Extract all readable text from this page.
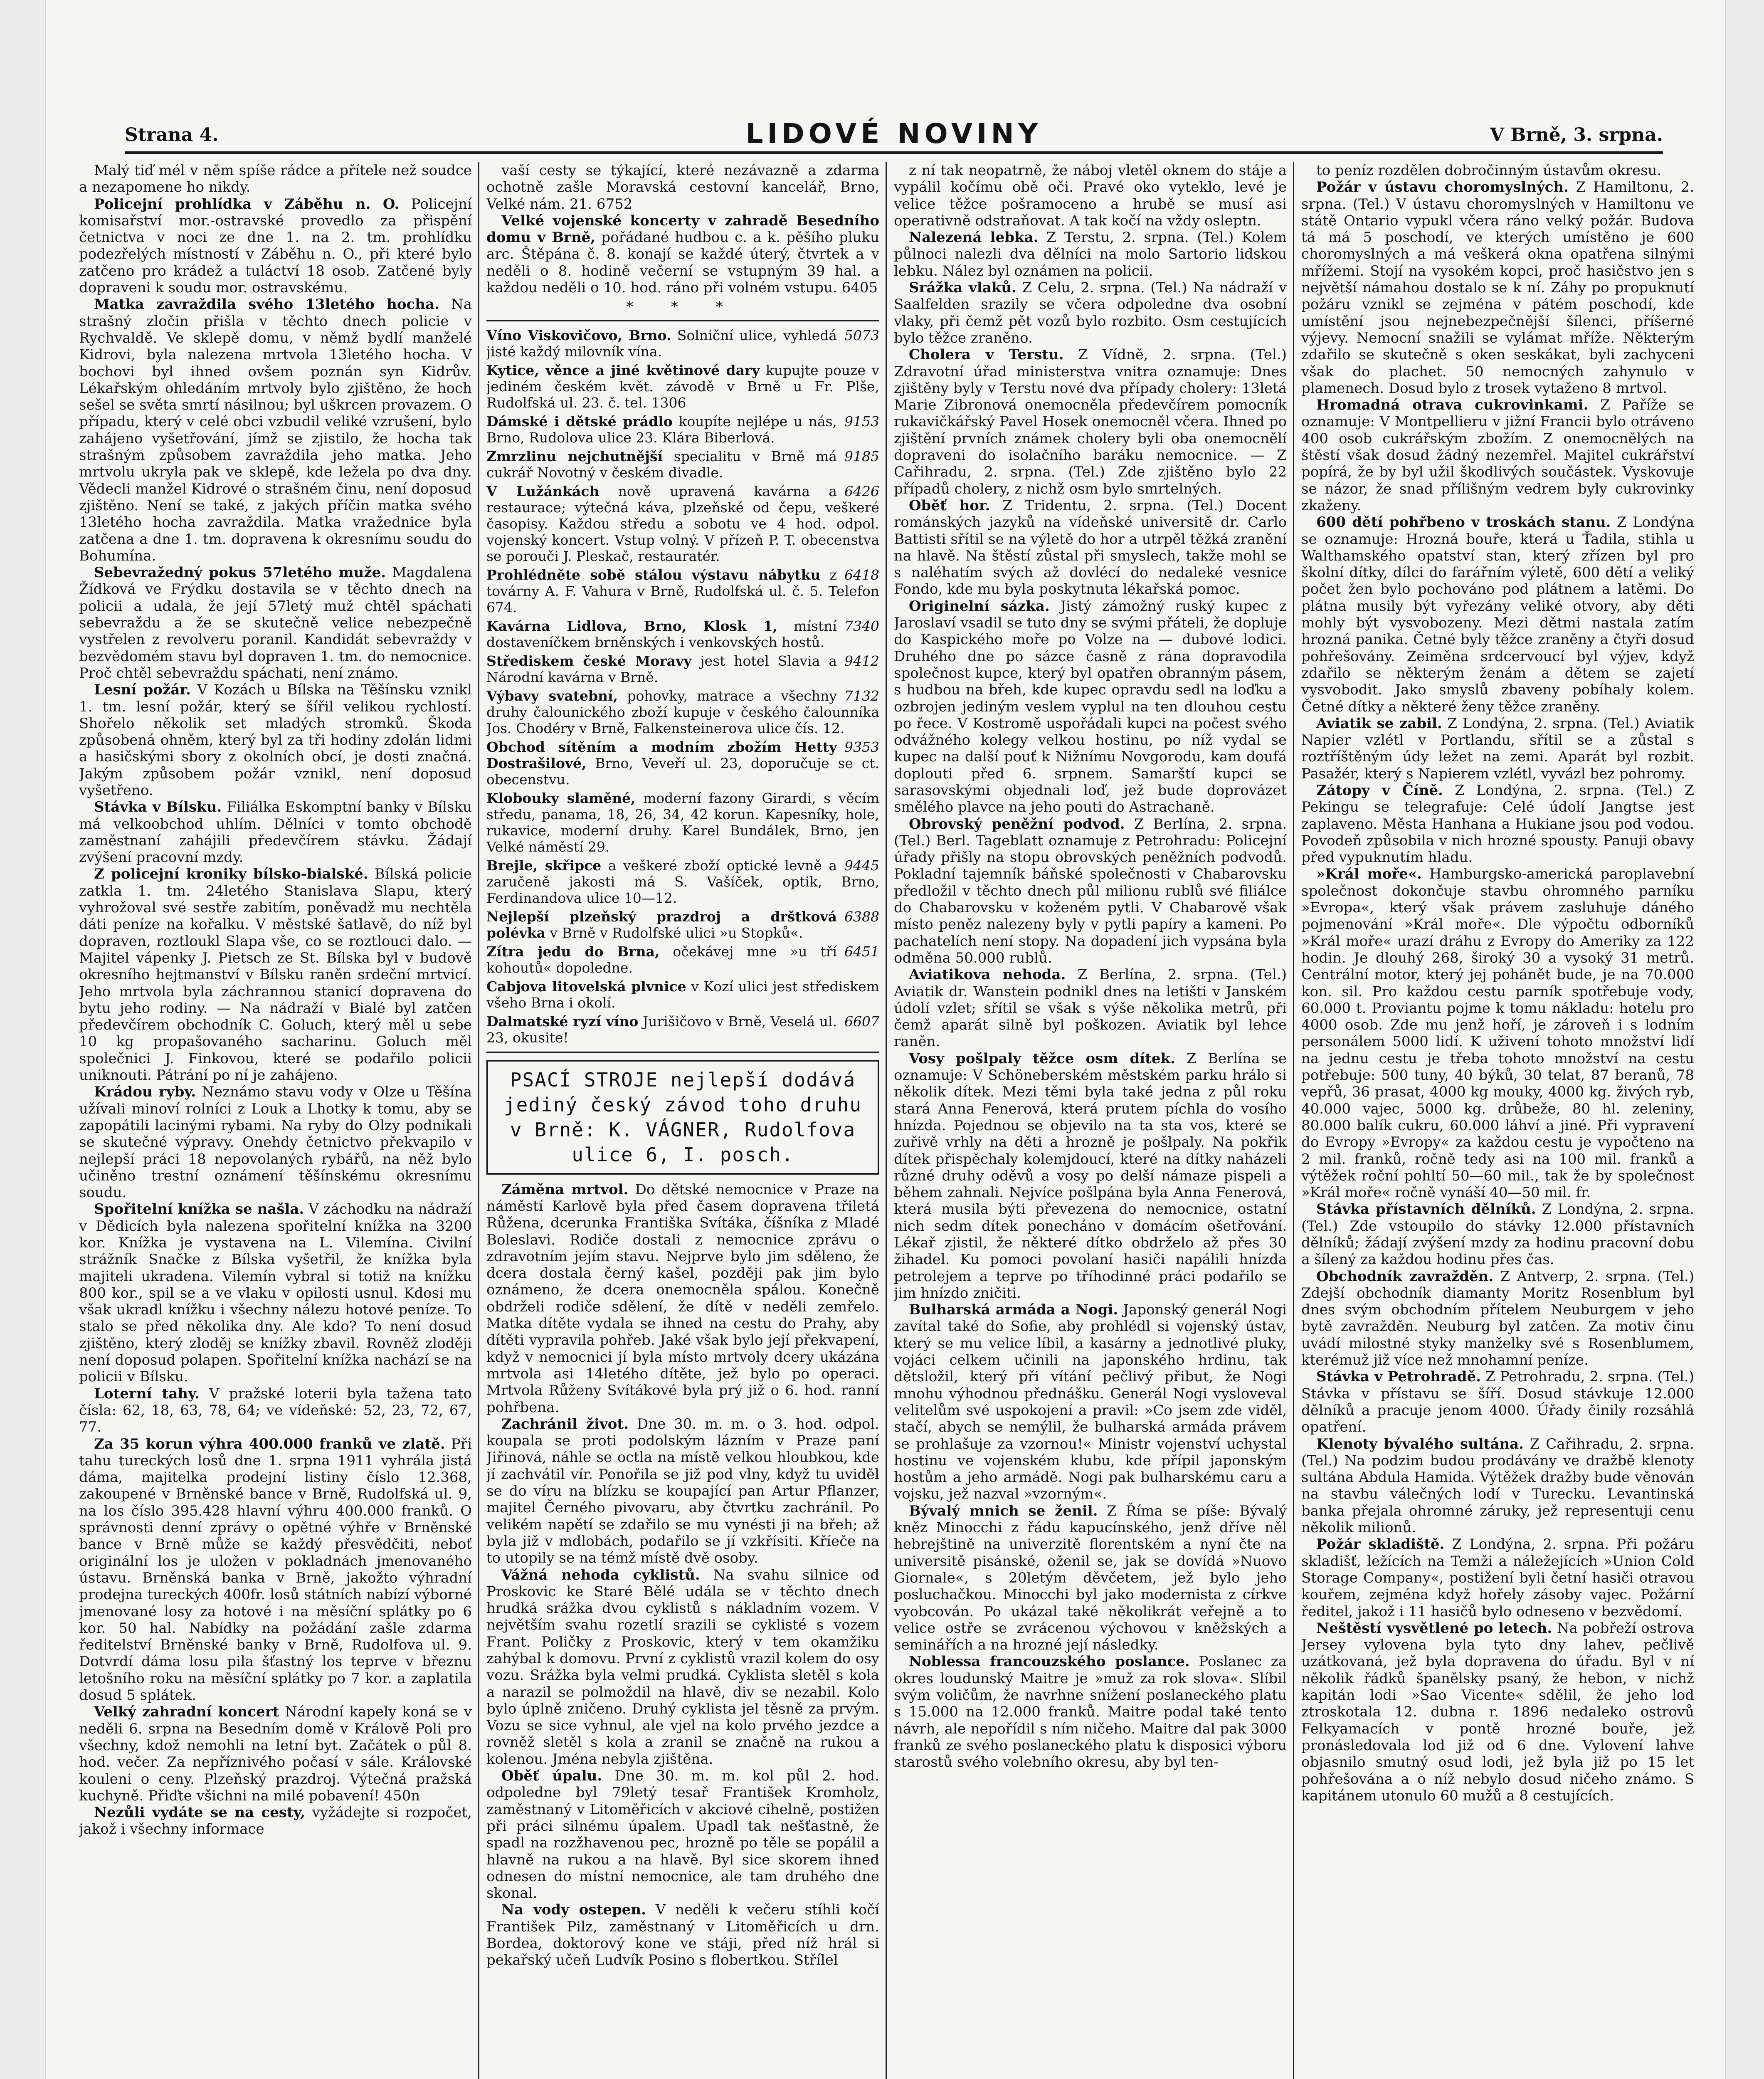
Strana 4.	LIDOVÉ NOVINY	V Brně, 3. srpna.

Malý tiď mél v něm spíše rádce a přítele než soudce a nezapomene ho nikdy.

Policejní prohlídka v Záběhu n. O. Policejní komisařství mor.-ostravské provedlo za přispění četnictva v noci ze dne 1. na 2. tm. prohlídku podezřelých místností v Záběhu n. O., při které bylo zatčeno pro krádež a tuláctví 18 osob. Zatčené byly dopraveni k soudu mor. ostravskému.

Matka zavraždila svého 13letého hocha. Na strašný zločin přišla v těchto dnech policie v Rychvaldě. Ve sklepě domu, v němž bydlí manželé Kidrovi, byla nalezena mrtvola 13letého hocha. V bochovi byl ihned ovšem poznán syn Kidrův. Lékařským ohledáním mrtvoly bylo zjištěno, že hoch sešel se světa smrtí násilnou; byl uškrcen provazem. O případu, který v celé obci vzbudil veliké vzrušení, bylo zahájeno vyšetřování, jímž se zjistilo, že hocha tak strašným způsobem zavraždila jeho matka. Jeho mrtvolu ukryla pak ve sklepě, kde ležela po dva dny. Vědecli manžel Kidrové o strašném činu, není doposud zjištěno. Není se také, z jakých příčin matka svého 13letého hocha zavraždila. Matka vražednice byla zatčena a dne 1. tm. dopravena k okresnímu soudu do Bohumína.

Sebevražedný pokus 57letého muže. Magdalena Žídková ve Frýdku dostavila se v těchto dnech na policii a udala, že její 57letý muž chtěl spáchati sebevraždu a že se skutečně velice nebezpečně vystřelen z revolveru poranil. Kandidát sebevraždy v bezvědomém stavu byl dopraven 1. tm. do nemocnice. Proč chtěl sebevraždu spáchati, není známo.

Lesní požár. V Kozách u Bílska na Těšínsku vznikl 1. tm. lesní požár, který se šířil velikou rychlostí. Shořelo několik set mladých stromků. Škoda způsobená ohněm, který byl za tři hodiny zdolán lidmi a hasičskými sbory z okolních obcí, je dosti značná. Jakým způsobem požár vznikl, není doposud vyšetřeno.

Stávka v Bílsku. Filiálka Eskomptní banky v Bílsku má velkoobchod uhlím. Dělníci v tomto obchodě zaměstnaní zahájili předevčírem stávku. Žádají zvýšení pracovní mzdy.

Z policejní kroniky bílsko-bialské. Bílská policie zatkla 1. tm. 24letého Stanislava Slapu, který vyhrožoval své sestře zabitím, poněvadž mu nechtěla dáti peníze na kořalku. V městské šatlavě, do níž byl dopraven, roztloukl Slapa vše, co se roztlouci dalo. — Majitel vápenky J. Pietsch ze St. Bílska byl v budově okresního hejtmanství v Bílsku raněn srdeční mrtvicí. Jeho mrtvola byla záchrannou stanicí dopravena do bytu jeho rodiny. — Na nádraží v Bialé byl zatčen předevčírem obchodník C. Goluch, který měl u sebe 10 kg propašovaného sacharinu. Goluch měl společnici J. Finkovou, které se podařilo policii uniknouti. Pátrání po ní je zahájeno.

Krádou ryby. Neznámo stavu vody v Olze u Těšína užívali minoví rolníci z Louk a Lhotky k tomu, aby se zapopátili lacinými rybami. Na ryby do Olzy podnikali se skutečné výpravy. Onehdy četnictvo překvapilo v nejlepší práci 18 nepovolaných rybářů, na něž bylo učiněno trestní oznámení těšínskému okresnímu soudu.

Spořitelní knížka se našla. V záchodku na nádraží v Dědicích byla nalezena spořitelní knížka na 3200 kor. Knížka je vystavena na L. Vilemína. Civilní strážník Snačke z Bílska vyšetřil, že knížka byla majiteli ukradena. Vilemín vybral si totiž na knížku 800 kor., spil se a ve vlaku v opilosti usnul. Kdosi mu však ukradl knížku i všechny nálezu hotové peníze. To stalo se před několika dny. Ale kdo? To není dosud zjištěno, který zloděj se knížky zbavil. Rovněž zloději není doposud polapen. Spořitelní knížka nachází se na policii v Bílsku.

Loterní tahy. V pražské loterii byla tažena tato čísla: 62, 18, 63, 78, 64; ve vídeňské: 52, 23, 72, 67, 77.

Za 35 korun výhra 400.000 franků ve zlatě. Při tahu tureckých losů dne 1. srpna 1911 vyhrála jistá dáma, majitelka prodejní listiny číslo 12.368, zakoupené v Brněnské bance v Brně, Rudolfská ul. 9, na los číslo 395.428 hlavní výhru 400.000 franků. O správnosti denní zprávy o opětné výhře v Brněnské bance v Brně může se každý přesvědčiti, neboť originální los je uložen v pokladnách jmenovaného ústavu. Brněnská banka v Brně, jakožto výhradní prodejna tureckých 400fr. losů státních nabízí výborné jmenované losy za hotové i na měsíční splátky po 6 kor. 50 hal. Nabídky na požádání zašle zdarma ředitelství Brněnské banky v Brně, Rudolfova ul. 9. Dotvrdí dáma losu pila šťastný los teprve v březnu letošního roku na měsíční splátky po 7 kor. a zaplatila dosud 5 splátek.

Velký zahradní koncert Národní kapely koná se v neděli 6. srpna na Besedním domě v Králově Poli pro všechny, kdož nemohli na letní byt. Začátek o půl 8. hod. večer. Za nepříznivého počasí v sále. Královské kouleni o ceny. Plzeňský prazdroj. Výtečná pražská kuchyně. Přiďte všichni na milé pobavení! 450n

Nezůli vydáte se na cesty, vyžádejte si rozpočet, jakož i všechny informace

vaší cesty se týkající, které nezávazně a zdarma ochotně zašle Moravská cestovní kancelář, Brno, Velké nám. 21. 6752

Velké vojenské koncerty v zahradě Besedního domu v Brně, pořádané hudbou c. a k. pěšího pluku arc. Štěpána č. 8. konají se každé úterý, čtvrtek a v neděli o 8. hodině večerní se vstupným 39 hal. a každou neděli o 10. hod. ráno při volném vstupu. 6405

* * *
5073
Víno Viskovičovo, Brno. Solniční ulice, vyhledá jisté každý milovník vína.
Kytice, věnce a jiné květinové dary kupujte pouze v jediném českém květ. závodě v Brně u Fr. Plše, Rudolfská ul. 23. č. tel. 1306
9153
Dámské i dětské prádlo koupíte nejlépe u nás, Brno, Rudolova ulice 23. Klára Biberlová.
9185
Zmrzlinu nejchutnější specialitu v Brně má cukrář Novotný v českém divadle.
6426
V Lužánkách nově upravená kavárna a restaurace; výtečná káva, plzeňské od čepu, veškeré časopisy. Každou středu a sobotu ve 4 hod. odpol. vojenský koncert. Vstup volný. V přízeň P. T. obecenstva se porouči J. Pleskač, restauratér.
6418
Prohlédněte sobě stálou výstavu nábytku z továrny A. F. Vahura v Brně, Rudolfská ul. č. 5. Telefon 674.
7340
Kavárna Lidlova, Brno, Klosk 1, místní dostaveníčkem brněnských i venkovských hostů.
9412
Střediskem české Moravy jest hotel Slavia a Národní kavárna v Brně.
7132
Výbavy svatební, pohovky, matrace a všechny druhy čalounického zboží kupuje v českého čalounníka Jos. Chodéry v Brně, Falkensteinerova ulice čís. 12.
9353
Obchod sítěním a modním zbožím Hetty Dostrašilové, Brno, Veveří ul. 23, doporučuje se ct. obecenstvu.
Klobouky slaměné, moderní fazony Girardi, s věcím středu, panama, 18, 26, 34, 42 korun. Kapesníky, hole, rukavice, moderní druhy. Karel Bundálek, Brno, jen Velké náměstí 29.
9445
Brejle, skřipce a veškeré zboží optické levně a zaručeně jakosti má S. Vašíček, optik, Brno, Ferdinandova ulice 10—12.
6388
Nejlepší plzeňský prazdroj a drštková polévka v Brně v Rudolfské ulici »u Stopků«.
6451
Zítra jedu do Brna, očekávej mne »u tří kohoutů« dopoledne.
Cabjova litovelská plvnice v Kozí ulici jest střediskem všeho Brna i okolí.
6607
Dalmatské ryzí víno Jurišičovo v Brně, Veselá ul. 23, okusite!
PSACÍ STROJE nejlepší dodává jediný český závod toho druhu v Brně: K. VÁGNER, Rudolfova ulice 6, I. posch.

Záměna mrtvol. Do dětské nemocnice v Praze na náměstí Karlově byla před časem dopravena třiletá Růžena, dcerunka Františka Svítáka, číšníka z Mladé Boleslavi. Rodiče dostali z nemocnice zprávu o zdravotním jejím stavu. Nejprve bylo jim sděleno, že dcera dostala černý kašel, později pak jim bylo oznámeno, že dcera onemocněla spálou. Konečně obdrželi rodiče sdělení, že dítě v neděli zemřelo. Matka dítěte vydala se ihned na cestu do Prahy, aby dítěti vypravila pohřeb. Jaké však bylo její překvapení, když v nemocnici jí byla místo mrtvoly dcery ukázána mrtvola asi 14letého dítěte, jež bylo po operaci. Mrtvola Růženy Svítákové byla prý již o 6. hod. ranní pohřbena.

Zachránil život. Dne 30. m. m. o 3. hod. odpol. koupala se proti podolským lázním v Praze paní Jiřinová, náhle se octla na místě velkou hloubkou, kde jí zachvátil vír. Ponořila se již pod vlny, když tu uviděl se do víru na blízku se koupající pan Artur Pflanzer, majitel Černého pivovaru, aby čtvrtku zachránil. Po velikém napětí se zdařilo se mu vynésti ji na břeh; až byla již v mdlobách, podařilo se jí vzkřísiti. Kříeče na to utopily se na témž místě dvě osoby.

Vážná nehoda cyklistů. Na svahu silnice od Proskovic ke Staré Bělé udála se v těchto dnech hrudká srážka dvou cyklistů s nákladním vozem. V největším svahu rozetlí srazili se cyklisté s vozem Frant. Poličky z Proskovic, který v tem okamžiku zahýbal k domovu. První z cyklistů vrazil kolem do osy vozu. Srážka byla velmi prudká. Cyklista sletěl s kola a narazil se polmoždil na hlavě, div se nezabil. Kolo bylo úplně zničeno. Druhý cyklista jel těsně za prvým. Vozu se sice vyhnul, ale vjel na kolo prvého jezdce a rovněž sletěl s kola a zranil se značně na rukou a kolenou. Jména nebyla zjištěna.

Oběť úpalu. Dne 30. m. m. kol půl 2. hod. odpoledne byl 79letý tesař František Kromholz, zaměstnaný v Litoměřicích v akciové cihelně, postižen při práci silnému úpalem. Upadl tak nešťastně, že spadl na rozžhavenou pec, hrozně po těle se popálil a hlavně na rukou a na hlavě. Byl sice skorem ihned odnesen do místní nemocnice, ale tam druhého dne skonal.

Na vody ostepen. V neděli k večeru stíhli kočí František Pilz, zaměstnaný v Litoměřicích u drn. Bordea, doktorový kone ve stáji, před níž hrál si pekařský učeň Ludvík Posino s flobertkou. Střílel

z ní tak neopatrně, že náboj vletěl oknem do stáje a vypálil kočímu obě oči. Pravé oko vyteklo, levé je velice těžce pošramoceno a hrubě se musí asi operativně odstraňovat. A tak kočí na vždy osleptn.

Nalezená lebka. Z Terstu, 2. srpna. (Tel.) Kolem půlnoci nalezli dva dělníci na molo Sartorio lidskou lebku. Nález byl oznámen na policii.

Srážka vlaků. Z Celu, 2. srpna. (Tel.) Na nádraží v Saalfelden srazily se včera odpoledne dva osobní vlaky, při čemž pět vozů bylo rozbito. Osm cestujících bylo těžce zraněno.

Cholera v Terstu. Z Vídně, 2. srpna. (Tel.) Zdravotní úřad ministerstva vnitra oznamuje: Dnes zjištěny byly v Terstu nové dva případy cholery: 13letá Marie Zibronová onemocněla předevčírem pomocník rukavičkářský Pavel Hosek onemocněl včera. Ihned po zjištění prvních známek cholery byli oba onemocnělí dopraveni do isolačního baráku nemocnice. — Z Cařihradu, 2. srpna. (Tel.) Zde zjištěno bylo 22 případů cholery, z nichž osm bylo smrtelných.

Oběť hor. Z Tridentu, 2. srpna. (Tel.) Docent románských jazyků na vídeňské universitě dr. Carlo Battisti sřítil se na výletě do hor a utrpěl těžká zranění na hlavě. Na štěstí zůstal při smyslech, takže mohl se s naléhatím svých až dovlécí do nedaleké vesnice Fondo, kde mu byla poskytnuta lékařská pomoc.

Originelní sázka. Jistý zámožný ruský kupec z Jaroslaví vsadil se tuto dny se svými přáteli, že dopluje do Kaspického moře po Volze na — dubové lodici. Druhého dne po sázce časně z rána dopravodila společnost kupce, který byl opatřen obranným pásem, s hudbou na břeh, kde kupec opravdu sedl na loďku a ozbrojen jediným veslem vyplul na ten dlouhou cestu po řece. V Kostromě uspořádali kupci na počest svého odvážného kolegy velkou hostinu, po níž vydal se kupec na další pouť k Nižnímu Novgorodu, kam doufá doplouti před 6. srpnem. Samarští kupci se sarasovskými objednali loď, jež bude doprovázet smělého plavce na jeho pouti do Astrachaně.

Obrovský peněžní podvod. Z Berlína, 2. srpna. (Tel.) Berl. Tageblatt oznamuje z Petrohradu: Policejní úřady přišly na stopu obrovských peněžních podvodů. Pokladní tajemník báňské společnosti v Chabarovsku předložil v těchto dnech půl milionu rublů své filiálce do Chabarovsku v koženém pytli. V Chabarově však místo peněz nalezeny byly v pytli papíry a kameni. Po pachatelích není stopy. Na dopadení jich vypsána byla odměna 50.000 rublů.

Aviatikova nehoda. Z Berlína, 2. srpna. (Tel.) Aviatik dr. Wanstein podnikl dnes na letišti v Janském údolí vzlet; sřítil se však s výše několika metrů, při čemž aparát silně byl poškozen. Aviatik byl lehce raněn.

Vosy pošlpaly těžce osm dítek. Z Berlína se oznamuje: V Schöneberském městském parku hrálo si několik dítek. Mezi těmi byla také jedna z půl roku stará Anna Fenerová, která prutem píchla do vosího hnízda. Pojednou se objevilo na ta sta vos, které se zuřivě vrhly na děti a hrozně je pošlpaly. Na pokřik dítek přispěchaly kolemjdoucí, které na dítky naházeli různé druhy oděvů a vosy po delší námaze pispeli a během zahnali. Nejvíce pošlpána byla Anna Fenerová, která musila býti převezena do nemocnice, ostatní nich sedm dítek ponecháno v domácím ošetřování. Lékař zjistil, že některé dítko obdrželo až přes 30 žihadel. Ku pomoci povolaní hasiči napálili hnízda petrolejem a teprve po tříhodinné práci podařilo se jim hnízdo zničiti.

Bulharská armáda a Nogi. Japonský generál Nogi zavítal také do Sofie, aby prohlédl si vojenský ústav, který se mu velice líbil, a kasárny a jednotlivé pluky, vojáci celkem učinili na japonského hrdinu, tak dětsložil, který při vítání pečlivý přibut, že Nogi mnohu výhodnou přednášku. Generál Nogi vysloveval velitelům své uspokojení a pravil: »Co jsem zde viděl, stačí, abych se nemýlil, že bulharská armáda právem se prohlašuje za vzornou!« Ministr vojenství uchystal hostinu ve vojenském klubu, kde přípil japonským hostům a jeho armádě. Nogi pak bulharskému caru a vojsku, jež nazval »vzorným«.

Bývalý mnich se ženil. Z Říma se píše: Bývalý kněz Minocchi z řádu kapucínského, jenž dříve něl hebrejštině na univerzitě florentském a nyní čte na universitě pisánské, oženil se, jak se dovídá »Nuovo Giornale«, s 20letým děvčetem, jež bylo jeho posluchačkou. Minocchi byl jako modernista z církve vyobcován. Po ukázal také několikrát veřejně a to velice ostře se zvrácenou výchovou v kněžských a seminářích a na hrozné její následky.

Noblessa francouzského poslance. Poslanec za okres loudunský Maitre je »muž za rok slova«. Slíbil svým voličům, že navrhne snížení poslaneckého platu s 15.000 na 12.000 franků. Maitre podal také tento návrh, ale nepořídil s ním ničeho. Maitre dal pak 3000 franků ze svého poslaneckého platu k disposici výboru starostů svého volebního okresu, aby byl ten-

to peníz rozdělen dobročinným ústavům okresu.

Požár v ústavu choromyslných. Z Hamiltonu, 2. srpna. (Tel.) V ústavu choromyslných v Hamiltonu ve státě Ontario vypukl včera ráno velký požár. Budova tá má 5 poschodí, ve kterých umístěno je 600 choromyslných a má veškerá okna opatřena silnými mřížemi. Stojí na vysokém kopci, proč hasičstvo jen s největší námahou dostalo se k ní. Záhy po propuknutí požáru vznikl se zejména v pátém poschodí, kde umístění jsou nejnebezpečnější šílenci, příšerné výjevy. Nemocní snažili se vylámat mříže. Některým zdařilo se skutečně s oken seskákat, byli zachyceni však do plachet. 50 nemocných zahynulo v plamenech. Dosud bylo z trosek vytaženo 8 mrtvol.

Hromadná otrava cukrovinkami. Z Paříže se oznamuje: V Montpellieru v jižní Francii bylo otráveno 400 osob cukrářským zbožím. Z onemocnělých na štěstí však dosud žádný nezemřel. Majitel cukrářství popírá, že by byl užil škodlivých součástek. Vyskovuje se názor, že snad přílišným vedrem byly cukrovinky zkaženy.

600 dětí pohřbeno v troskách stanu. Z Londýna se oznamuje: Hrozná bouře, která u Ťadila, stihla u Walthamského opatství stan, který zřízen byl pro školní dítky, dílci do farářním výletě, 600 dětí a veliký počet žen bylo pochováno pod plátnem a latěmi. Do plátna musily být vyřezány veliké otvory, aby děti mohly být vysvobozeny. Mezi dětmi nastala zatím hrozná panika. Četné byly těžce zraněny a čtyři dosud pohřešovány. Zeiměna srdcervoucí byl výjev, když zdařilo se některým ženám a dětem se zajetí vysvobodit. Jako smyslů zbaveny pobíhaly kolem. Četné dítky a některé ženy těžce zraněny.

Aviatik se zabil. Z Londýna, 2. srpna. (Tel.) Aviatik Napier vzlétl v Portlandu, sřítil se a zůstal s roztříštěným údy ležet na zemi. Aparát byl rozbit. Pasažér, který s Napierem vzlétl, vyvázl bez pohromy.

Zátopy v Číně. Z Londýna, 2. srpna. (Tel.) Z Pekingu se telegrafuje: Celé údolí Jangtse jest zaplaveno. Města Hanhana a Hukiane jsou pod vodou. Povodeň způsobila v nich hrozné spousty. Panuji obavy před vypuknutím hladu.

»Král moře«. Hamburgsko-americká paroplavební společnost dokončuje stavbu ohromného parníku »Evropa«, který však právem zasluhuje dáného pojmenování »Král moře«. Dle výpočtu odborníků »Král moře« urazí dráhu z Evropy do Ameriky za 122 hodin. Je dlouhý 268, široký 30 a vysoký 31 metrů. Centrální motor, který jej pohánět bude, je na 70.000 kon. sil. Pro každou cestu parník spotřebuje vody, 60.000 t. Proviantu pojme k tomu nákladu: hotelu pro 4000 osob. Zde mu jenž hoří, je zároveň i s lodním personálem 5000 lidí. K uživení tohoto množství lidí na jednu cestu je třeba tohoto množství na cestu potřebuje: 500 tuny, 40 býků, 30 telat, 87 beranů, 78 vepřů, 36 prasat, 4000 kg mouky, 4000 kg. živých ryb, 40.000 vajec, 5000 kg. drůbeže, 80 hl. zeleniny, 80.000 balík cukru, 60.000 láhví a jiné. Při vypravení do Evropy »Evropy« za každou cestu je vypočteno na 2 mil. franků, ročně tedy asi na 100 mil. franků a výtěžek roční pohltí 50—60 mil., tak že by společnost »Král moře« ročně vynáší 40—50 mil. fr.

Stávka přístavních dělníků. Z Londýna, 2. srpna. (Tel.) Zde vstoupilo do stávky 12.000 přístavních dělníků; žádají zvýšení mzdy za hodinu pracovní dobu a šílený za každou hodinu přes čas.

Obchodník zavražděn. Z Antverp, 2. srpna. (Tel.) Zdejší obchodník diamanty Moritz Rosenblum byl dnes svým obchodním přítelem Neuburgem v jeho bytě zavražděn. Neuburg byl zatčen. Za motiv činu uvádí milostné styky manželky své s Rosenblumem, kterémuž již více než mnohamní peníze.

Stávka v Petrohradě. Z Petrohradu, 2. srpna. (Tel.) Stávka v přístavu se šíří. Dosud stávkuje 12.000 dělníků a pracuje jenom 4000. Úřady činily rozsáhlá opatření.

Klenoty bývalého sultána. Z Cařihradu, 2. srpna. (Tel.) Na podzim budou prodávány ve dražbě klenoty sultána Abdula Hamida. Výtěžek dražby bude věnován na stavbu válečných lodí v Turecku. Levantinská banka přejala ohromné záruky, jež representuji cenu několik milionů.

Požár skladiště. Z Londýna, 2. srpna. Při požáru skladišť, ležících na Temži a náležejících »Union Cold Storage Company«, postižení byli četní hasiči otravou kouřem, zejména když hořely zásoby vajec. Požární ředitel, jakož i 11 hasičů bylo odneseno v bezvědomí.

Neštěstí vysvětlené po letech. Na pobřeží ostrova Jersey vylovena byla tyto dny lahev, pečlivě uzátkovaná, jež byla dopravena do úřadu. Byl v ní několik řádků španělsky psaný, že hebon, v nichž kapitán lodi »Sao Vicente« sdělil, že jeho loď ztroskotala 12. dubna r. 1896 nedaleko ostrovů Felkyamacích v pontě hrozné bouře, jež pronásledovala lod již od 6 dne. Vylovení lahve objasnilo smutný osud lodi, jež byla již po 15 let pohřešována a o níž nebylo dosud ničeho známo. S kapitánem utonulo 60 mužů a 8 cestujících.
